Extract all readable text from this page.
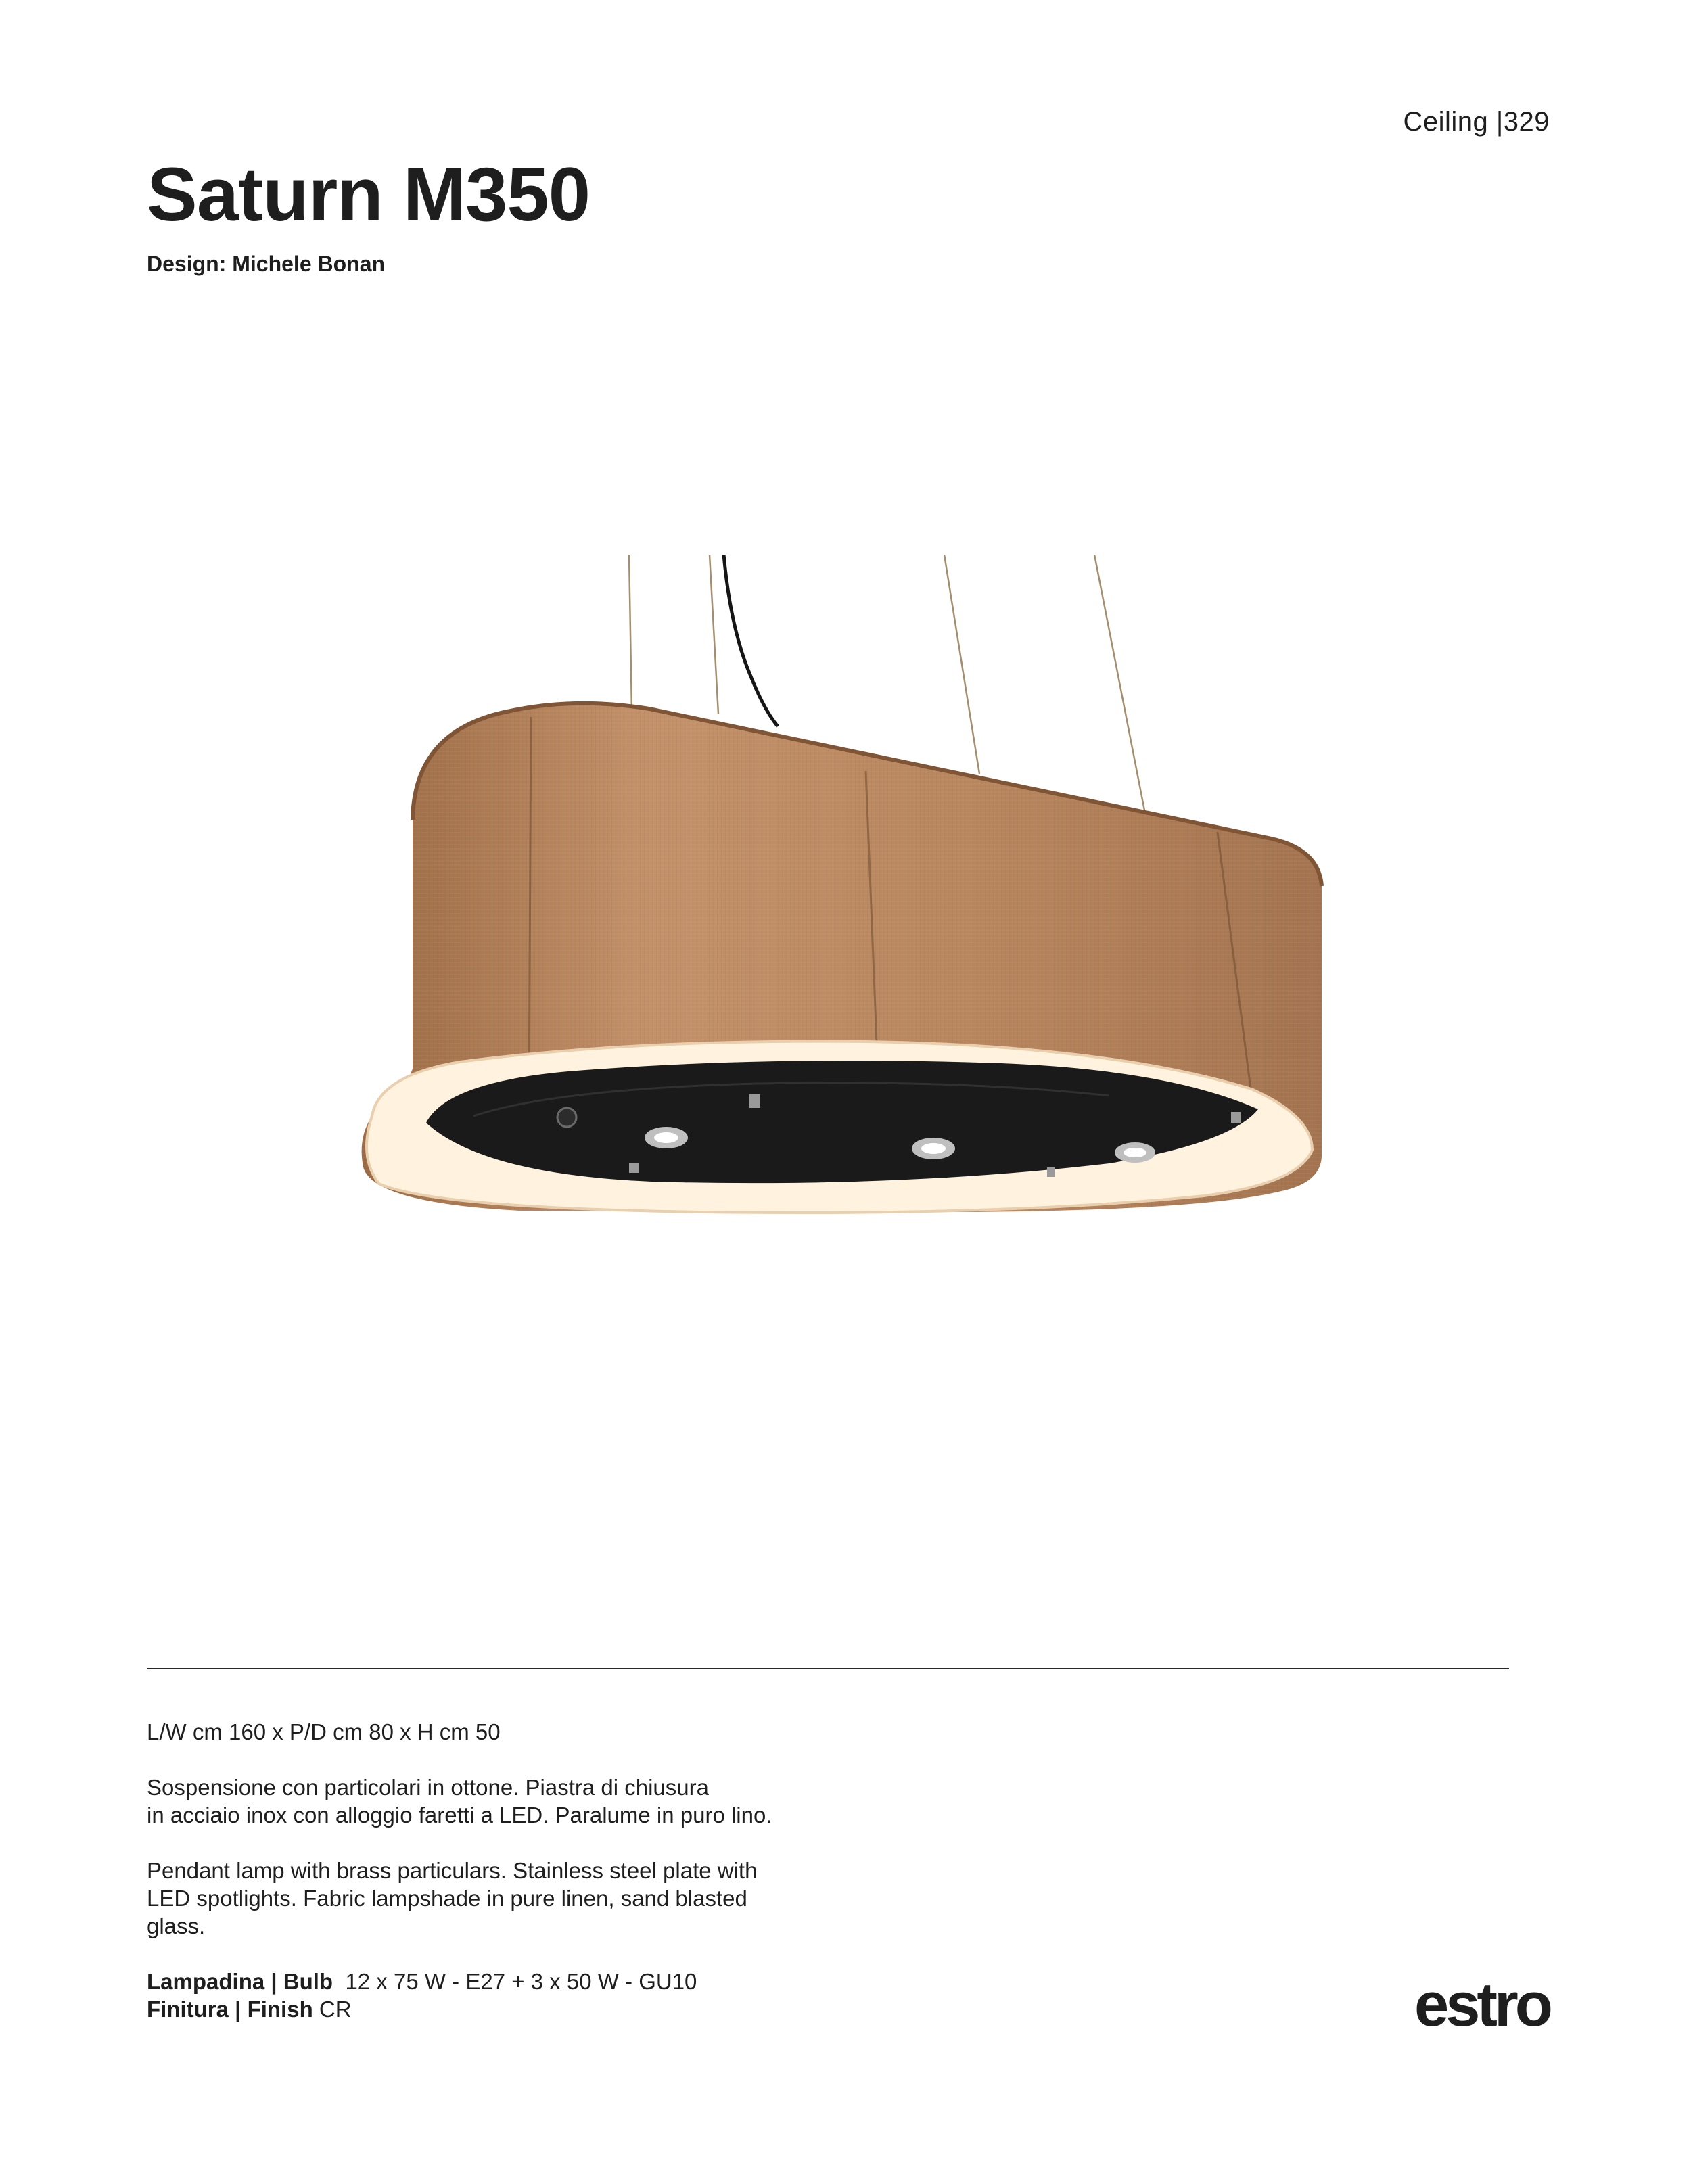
Ceiling |329
Saturn M350
Design: Michele Bonan

L/W cm 160 x P/D cm 80 x H cm 50

Sospensione con particolari in ottone. Piastra di chiusura
in acciaio inox con alloggio faretti a LED. Paralume in puro lino.

Pendant lamp with brass particulars. Stainless steel plate with
LED spotlights. Fabric lampshade in pure linen, sand blasted
glass.

Lampadina | Bulb 12 x 75 W - E27 + 3 x 50 W - GU10
Finitura | Finish CR	estro
